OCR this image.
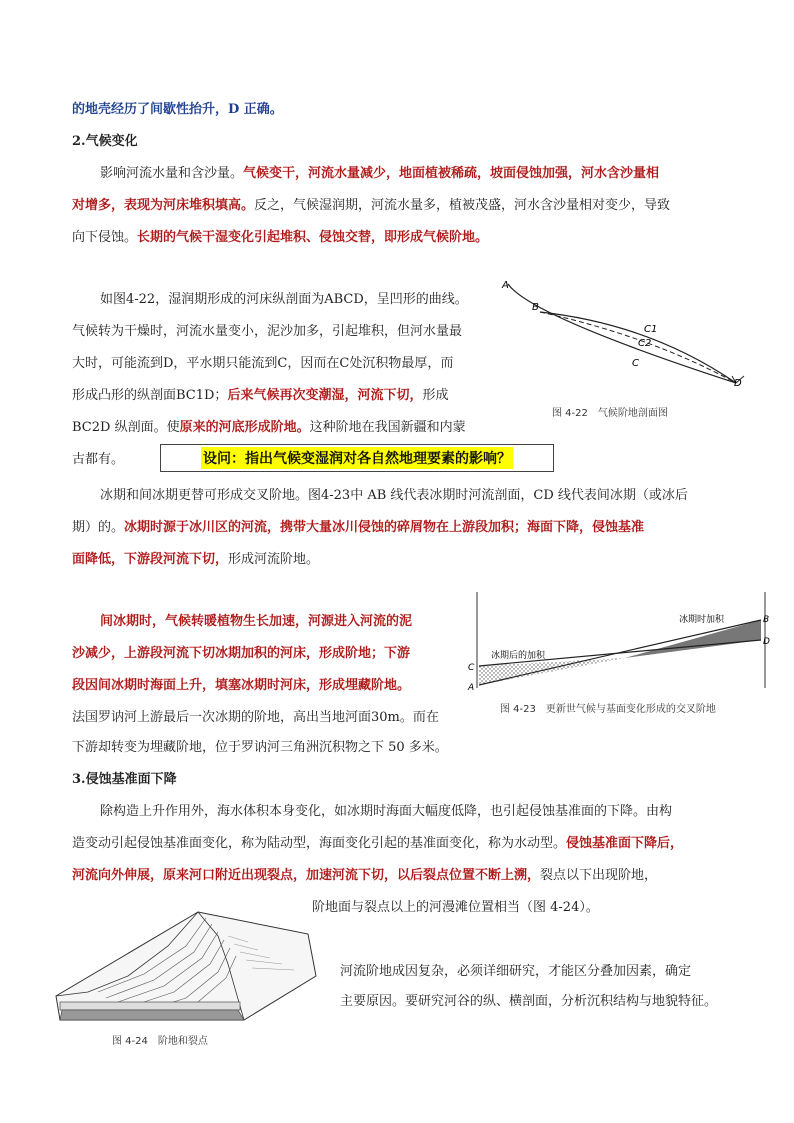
的地壳经历了间歇性抬升，D 正确。
2.气候变化
影响河流水量和含沙量。气候变干，河流水量减少，地面植被稀疏，坡面侵蚀加强，河水含沙量相
对增多，表现为河床堆积填高。反之，气候湿润期，河流水量多，植被茂盛，河水含沙量相对变少，导致
向下侵蚀。长期的气候干湿变化引起堆积、侵蚀交替，即形成气候阶地。
如图4-22，湿润期形成的河床纵剖面为ABCD，呈凹形的曲线。
气候转为干燥时，河流水量变小，泥沙加多，引起堆积，但河水量最
大时，可能流到D，平水期只能流到C，因而在C处沉积物最厚，而
形成凸形的纵剖面BC1D；后来气候再次变潮湿，河流下切，形成
BC2D 纵剖面。使原来的河底形成阶地。这种阶地在我国新疆和内蒙
古都有。	设问：指出气候变湿润对各自然地理要素的影响？
A
B
C1
C2
C
D
图 4-22　气候阶地剖面图
冰期和间冰期更替可形成交叉阶地。图4-23中 AB 线代表冰期时河流剖面，CD 线代表间冰期（或冰后
期）的。冰期时源于冰川区的河流，携带大量冰川侵蚀的碎屑物在上游段加积；海面下降，侵蚀基准
面降低，下游段河流下切，形成河流阶地。
间冰期时，气候转暖植物生长加速，河源进入河流的泥
沙减少，上游段河流下切冰期加积的河床，形成阶地；下游
段因间冰期时海面上升，填塞冰期时河床，形成埋藏阶地。
法国罗讷河上游最后一次冰期的阶地，高出当地河面30m。而在
下游却转变为埋藏阶地，位于罗讷河三角洲沉积物之下 50 多米。
冰期时加积
冰期后的加积
A
B
C
D
图 4-23　更新世气候与基面变化形成的交叉阶地
3.侵蚀基准面下降
除构造上升作用外，海水体积本身变化，如冰期时海面大幅度低降，也引起侵蚀基准面的下降。由构
造变动引起侵蚀基准面变化，称为陆动型，海面变化引起的基准面变化，称为水动型。侵蚀基准面下降后，
河流向外伸展，原来河口附近出现裂点，加速河流下切，以后裂点位置不断上溯，裂点以下出现阶地，
阶地面与裂点以上的河漫滩位置相当（图 4-24）。
图 4-24　阶地和裂点
河流阶地成因复杂，必须详细研究，才能区分叠加因素，确定
主要原因。要研究河谷的纵、横剖面，分析沉积结构与地貌特征。
